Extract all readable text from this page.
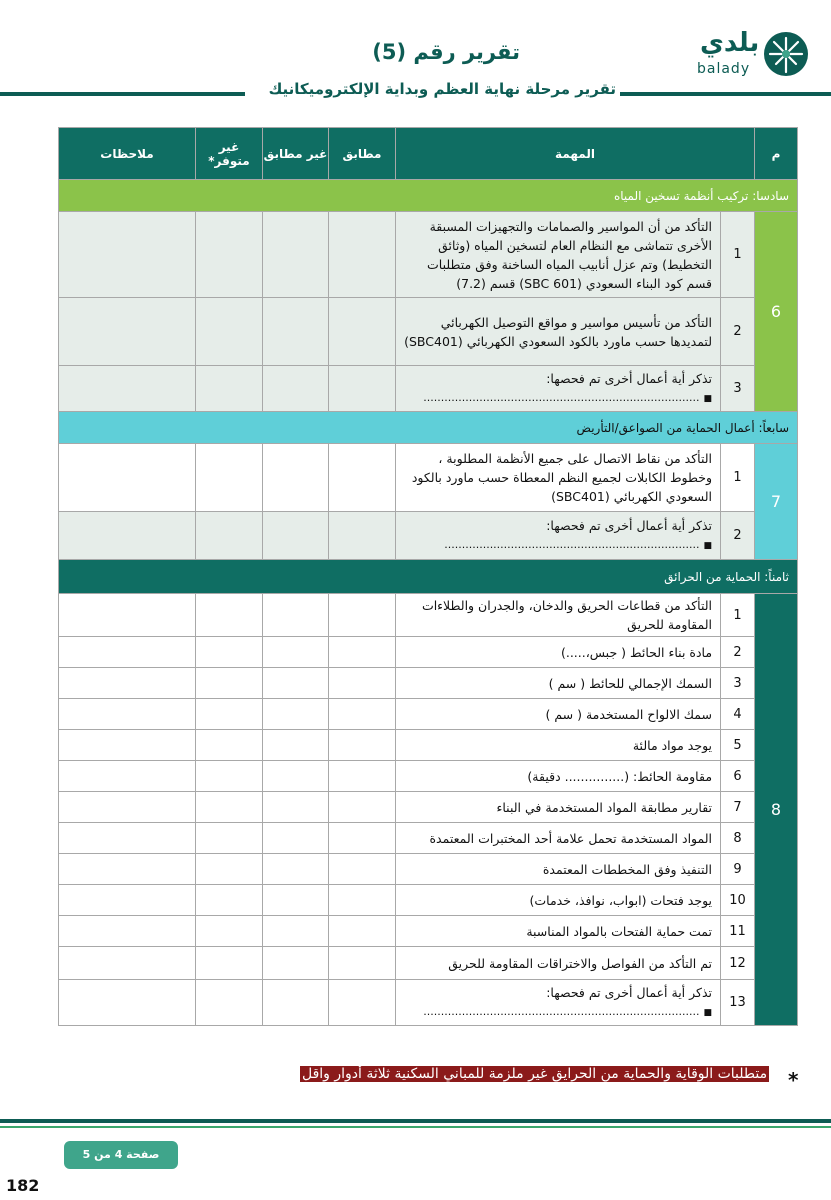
تقرير رقم (5)
تقرير مرحلة نهاية العظم وبداية الإلكتروميكانيك
بلدي
balady
م	المهمة		مطابق	غير مطابق	غير متوفر*	ملاحظات
سادسا: تركيب أنظمة تسخين المياه						
6	1	التأكد من أن المواسير والصمامات والتجهيزات المسبقة الأخرى تتماشى مع النظام العام لتسخين المياه (وثائق التخطيط) وتم عزل أنابيب المياه الساخنة وفق متطلبات قسم كود البناء السعودي (SBC 601) قسم (7.2)				
	2	التأكد من تأسيس مواسير و مواقع التوصيل الكهربائي لتمديدها حسب ماورد بالكود السعودي الكهربائي (SBC401)				
	3	تذكر أية أعمال أخرى تم فحصها:
■...............................................................................				

سابعاً: أعمال الحماية من الصواعق/التأريض						
7	1	التأكد من نقاط الاتصال على جميع الأنظمة المطلوبة ، وخطوط الكابلات لجميع النظم المعطاة حسب ماورد بالكود السعودي الكهربائي (SBC401)				
	2	تذكر أية أعمال أخرى تم فحصها:
■.........................................................................				

ثامناً: الحماية من الحرائق						
8	1	التأكد من قطاعات الحريق والدخان، والجدران والطلاءات المقاومة للحريق				
	2	مادة بناء الحائط ( جبس،.....)				
	3	السمك الإجمالي للحائط ( سم )				
	4	سمك الالواح المستخدمة ( سم )				
	5	يوجد مواد مالئة				
	6	مقاومة الحائط: (............... دقيقة)				
	7	تقارير مطابقة المواد المستخدمة في البناء				
	8	المواد المستخدمة تحمل علامة أحد المختبرات المعتمدة				
	9	التنفيذ وفق المخططات المعتمدة				
	10	يوجد فتحات (ابواب، نوافذ، خدمات)				
	11	تمت حماية الفتحات بالمواد المناسبة				
	12	تم التأكد من الفواصل والاختراقات المقاومة للحريق				
	13	تذكر أية أعمال أخرى تم فحصها:
■...............................................................................				

*
متطلبات الوقاية والحماية من الحرايق غير ملزمة للمباني السكنية ثلاثة أدوار واقل
صفحة 4 من 5
182
